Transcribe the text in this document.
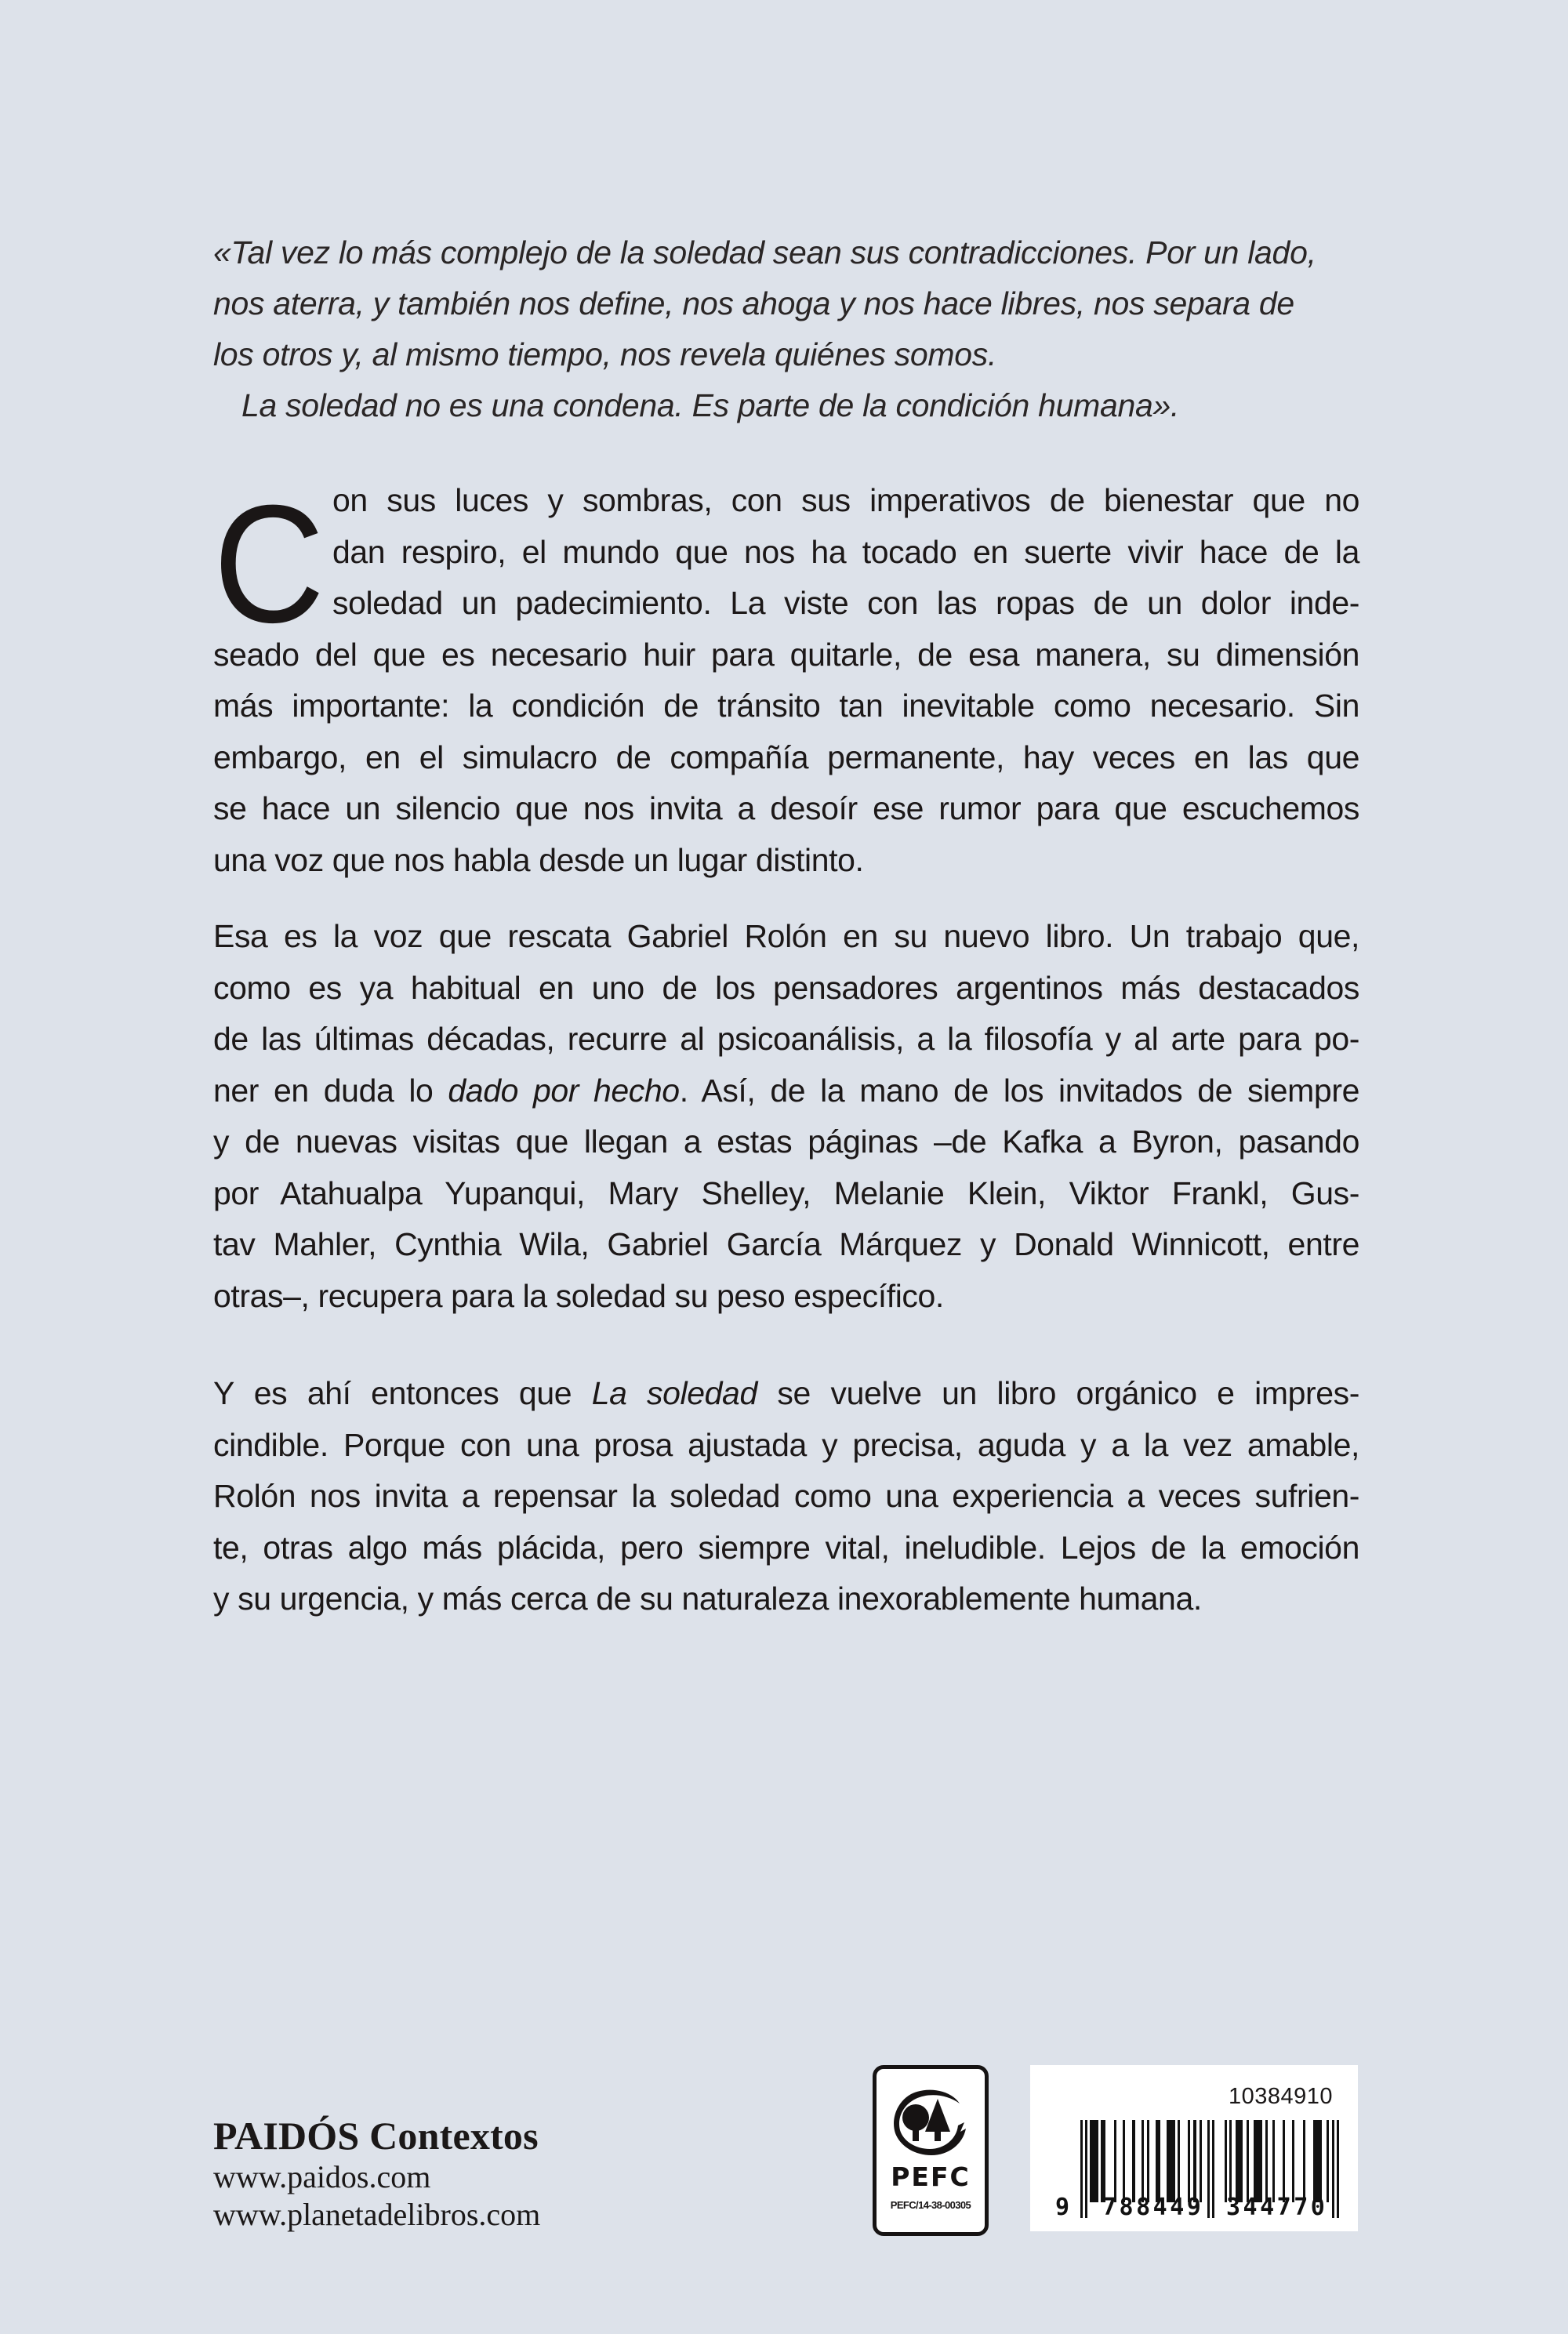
«Tal vez lo más complejo de la soledad sean sus contradicciones. Por un lado,
nos aterra, y también nos define, nos ahoga y nos hace libres, nos separa de
los otros y, al mismo tiempo, nos revela quiénes somos.
La soledad no es una condena. Es parte de la condición humana».
C on sus luces y sombras, con sus imperativos de bienestar que no
dan respiro, el mundo que nos ha tocado en suerte vivir hace de la
soledad un padecimiento. La viste con las ropas de un dolor inde-
seado del que es necesario huir para quitarle, de esa manera, su dimensión
más importante: la condición de tránsito tan inevitable como necesario. Sin
embargo, en el simulacro de compañía permanente, hay veces en las que
se hace un silencio que nos invita a desoír ese rumor para que escuchemos
una voz que nos habla desde un lugar distinto.
Esa es la voz que rescata Gabriel Rolón en su nuevo libro. Un trabajo que,
como es ya habitual en uno de los pensadores argentinos más destacados
de las últimas décadas, recurre al psicoanálisis, a la filosofía y al arte para po-
ner en duda lo dado por hecho. Así, de la mano de los invitados de siempre
y de nuevas visitas que llegan a estas páginas –de Kafka a Byron, pasando
por Atahualpa Yupanqui, Mary Shelley, Melanie Klein, Viktor Frankl, Gus-
tav Mahler, Cynthia Wila, Gabriel García Márquez y Donald Winnicott, entre
otras–, recupera para la soledad su peso específico.
Y es ahí entonces que La soledad se vuelve un libro orgánico e impres-
cindible. Porque con una prosa ajustada y precisa, aguda y a la vez amable,
Rolón nos invita a repensar la soledad como una experiencia a veces sufrien-
te, otras algo más plácida, pero siempre vital, ineludible. Lejos de la emoción
y su urgencia, y más cerca de su naturaleza inexorablemente humana.
PAIDÓS Contextos
www.paidos.com
www.planetadelibros.com
PEFC
PEFC/14-38-00305
10384910
9 788449 344770
